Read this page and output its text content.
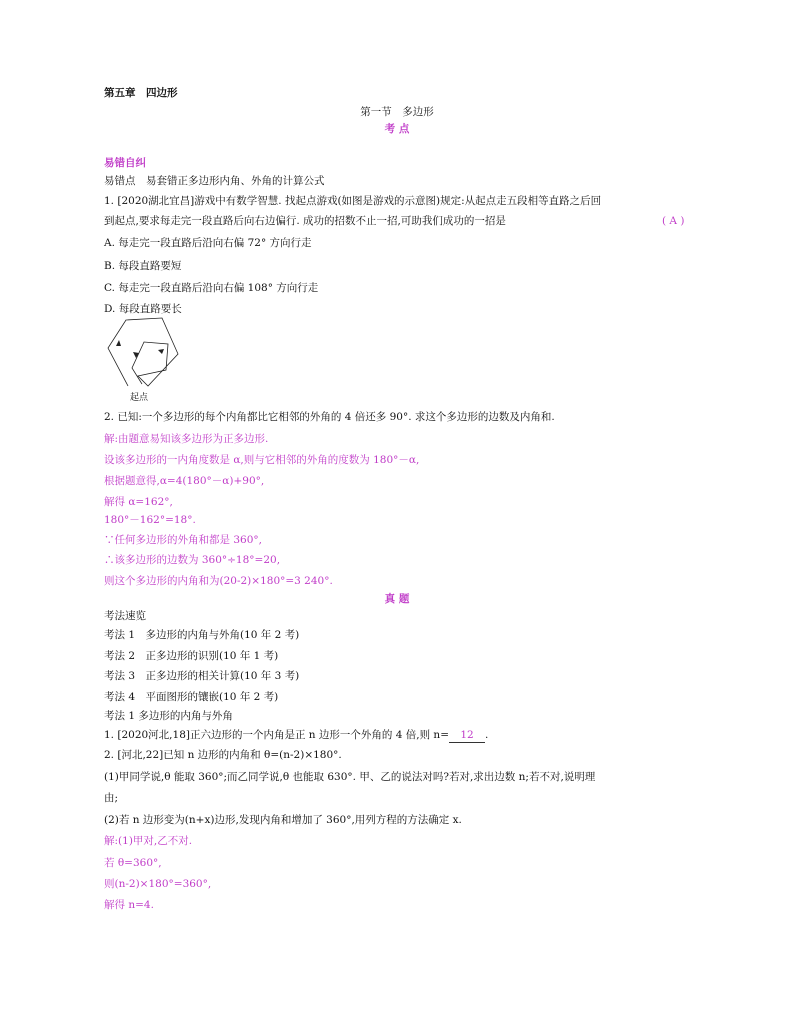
第五章　四边形
第一节　多边形
考 点
易错自纠
易错点　易套错正多边形内角、外角的计算公式
1. [2020湖北宜昌]游戏中有数学智慧. 找起点游戏(如图是游戏的示意图)规定:从起点走五段相等直路之后回
到起点,要求每走完一段直路后向右边偏行. 成功的招数不止一招,可助我们成功的一招是	( A )
A. 每走完一段直路后沿向右偏 72° 方向行走
B. 每段直路要短
C. 每走完一段直路后沿向右偏 108° 方向行走
D. 每段直路要长
起点
2. 已知:一个多边形的每个内角都比它相邻的外角的 4 倍还多 90°. 求这个多边形的边数及内角和.
解:由题意易知该多边形为正多边形.
设该多边形的一内角度数是 α,则与它相邻的外角的度数为 180°－α,
根据题意得,α=4(180°－α)+90°,
解得 α=162°,
180°－162°=18°.
∵任何多边形的外角和都是 360°,
∴该多边形的边数为 360°÷18°=20,
则这个多边形的内角和为(20-2)×180°=3 240°.
真 题
考法速览
考法 1　多边形的内角与外角(10 年 2 考)
考法 2　正多边形的识别(10 年 1 考)
考法 3　正多边形的相关计算(10 年 3 考)
考法 4　平面图形的镶嵌(10 年 2 考)
考法 1 多边形的内角与外角
1. [2020河北,18]正六边形的一个内角是正 n 边形一个外角的 4 倍,则 n= 12 .
2. [河北,22]已知 n 边形的内角和 θ=(n-2)×180°.
(1)甲同学说,θ 能取 360°;而乙同学说,θ 也能取 630°. 甲、乙的说法对吗?若对,求出边数 n;若不对,说明理
由;
(2)若 n 边形变为(n+x)边形,发现内角和增加了 360°,用列方程的方法确定 x.
解:(1)甲对,乙不对.
若 θ=360°,
则(n-2)×180°=360°,
解得 n=4.
